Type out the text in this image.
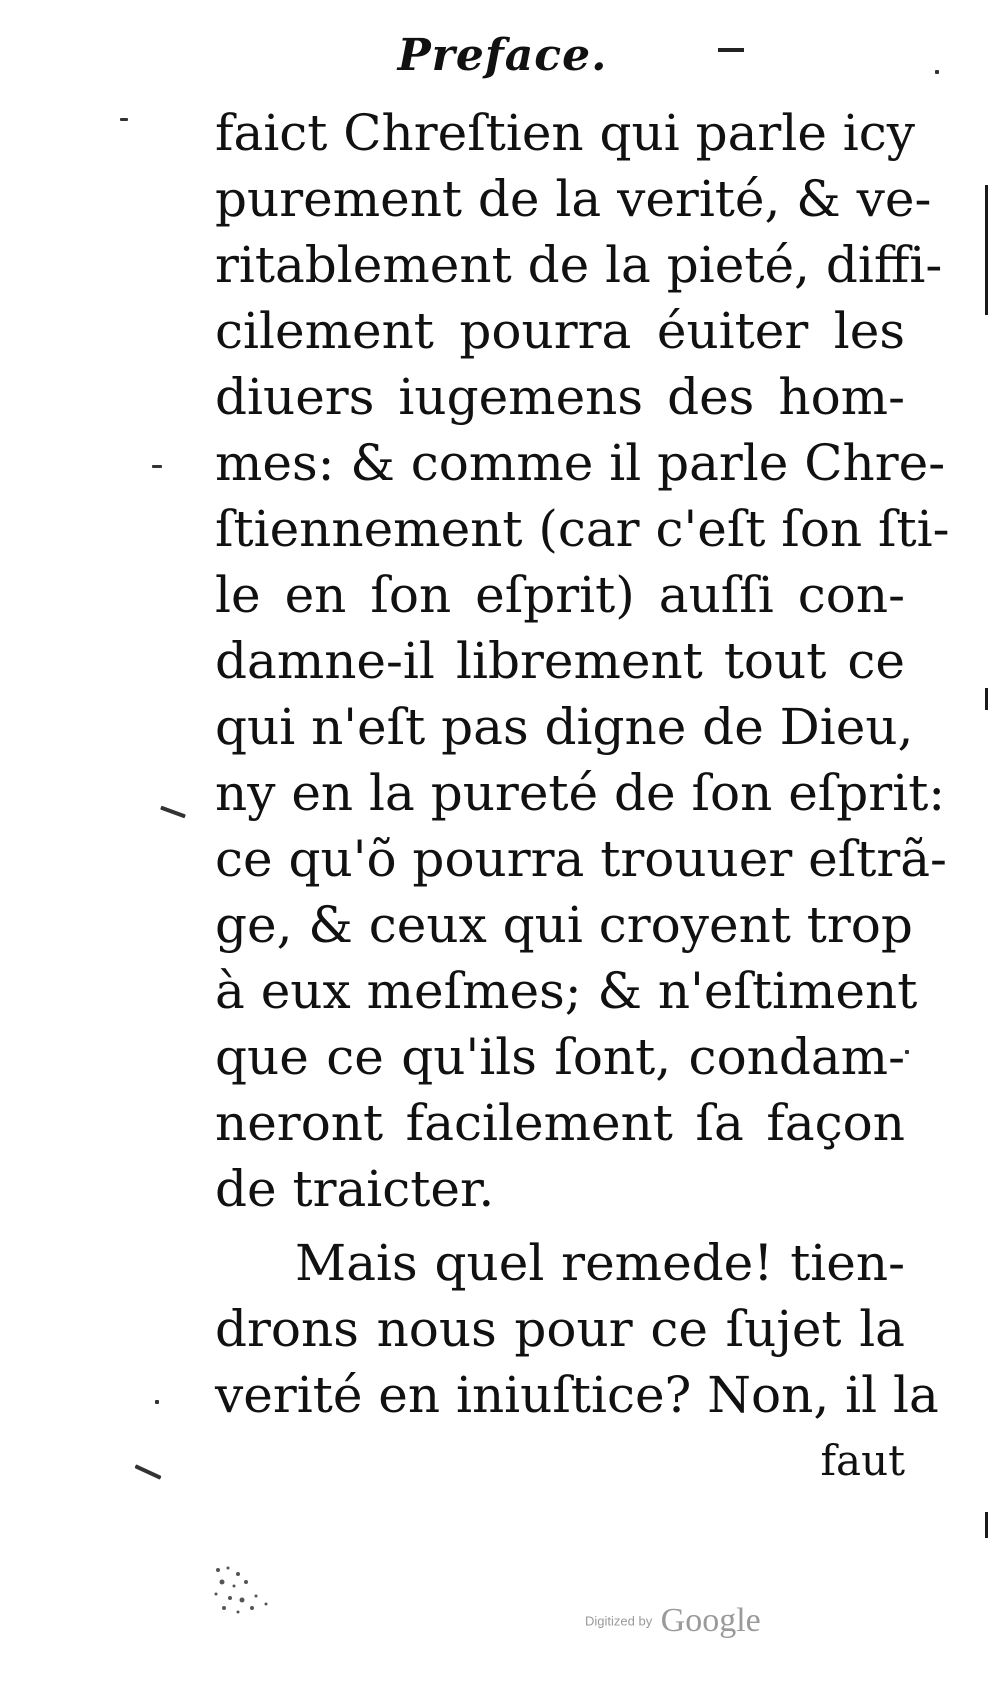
Preface.
faict Chreſtien qui parle icy
purement de la verité, & ve-
ritablement de la pieté, diffi-
cilement pourra éuiter les
diuers iugemens des hom-
mes: & comme il parle Chre-
ſtiennement (car c'eſt ſon ſti-
le en ſon eſprit) auſſi con-
damne-il librement tout ce
qui n'eſt pas digne de Dieu,
ny en la pureté de ſon eſprit:
ce qu'õ pourra trouuer eſtrã-
ge, & ceux qui croyent trop
à eux meſmes; & n'eſtiment
que ce qu'ils ſont, condam-
neront facilement ſa façon
de traicter.
Mais quel remede! tien-
drons nous pour ce ſujet la
verité en iniuſtice? Non, il la
faut
Digitized by Google
